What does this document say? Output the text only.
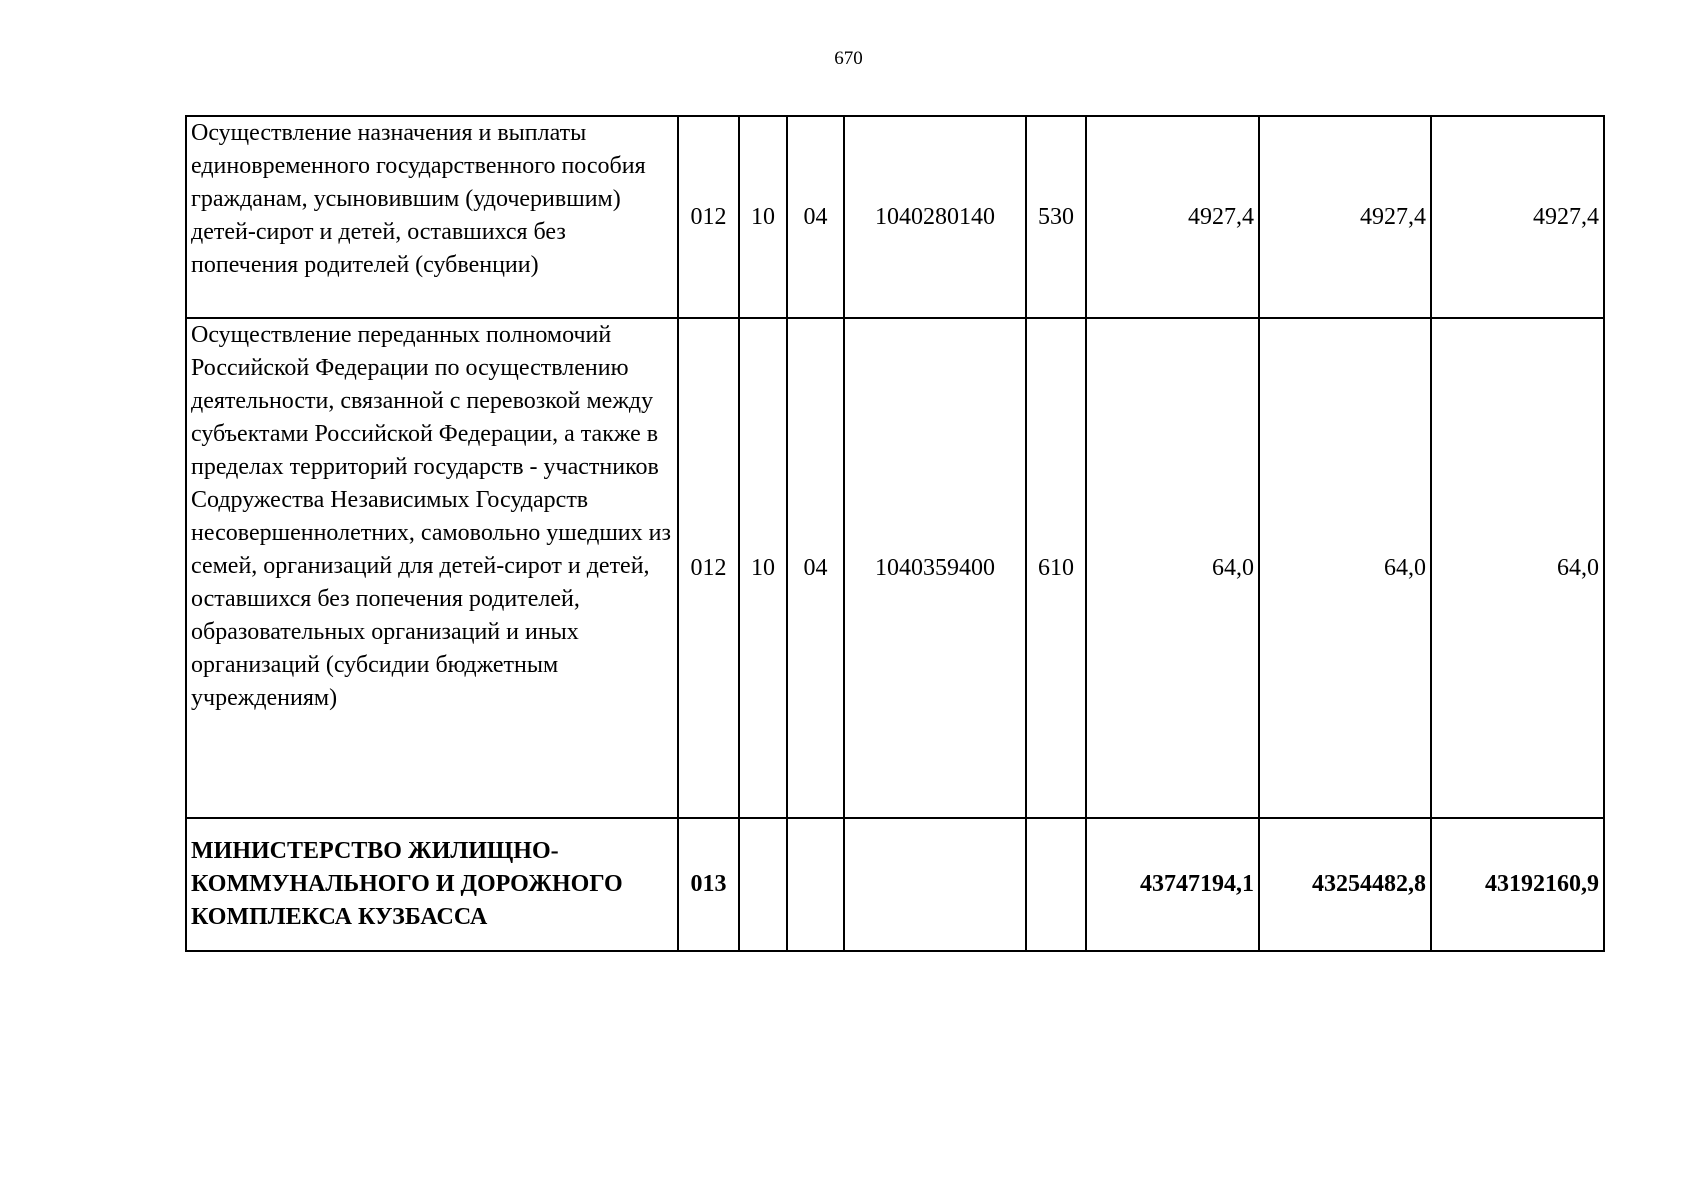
670
Осуществление назначения и выплаты единовременного государственного пособия гражданам, усыновившим (удочерившим) детей-сирот и детей, оставшихся без попечения родителей (субвенции)	012	10	04	1040280140	530	4927,4	4927,4	4927,4
Осуществление переданных полномочий Российской Федерации по осуществлению деятельности, связанной с перевозкой между субъектами Российской Федерации, а также в пределах территорий государств - участников Содружества Независимых Государств несовершеннолетних, самовольно ушедших из семей, организаций для детей-сирот и детей, оставшихся без попечения родителей, образовательных организаций и иных организаций (субсидии бюджетным учреждениям)	012	10	04	1040359400	610	64,0	64,0	64,0
МИНИСТЕРСТВО ЖИЛИЩНО-КОММУНАЛЬНОГО И ДОРОЖНОГО КОМПЛЕКСА КУЗБАССА	013					43747194,1	43254482,8	43192160,9
